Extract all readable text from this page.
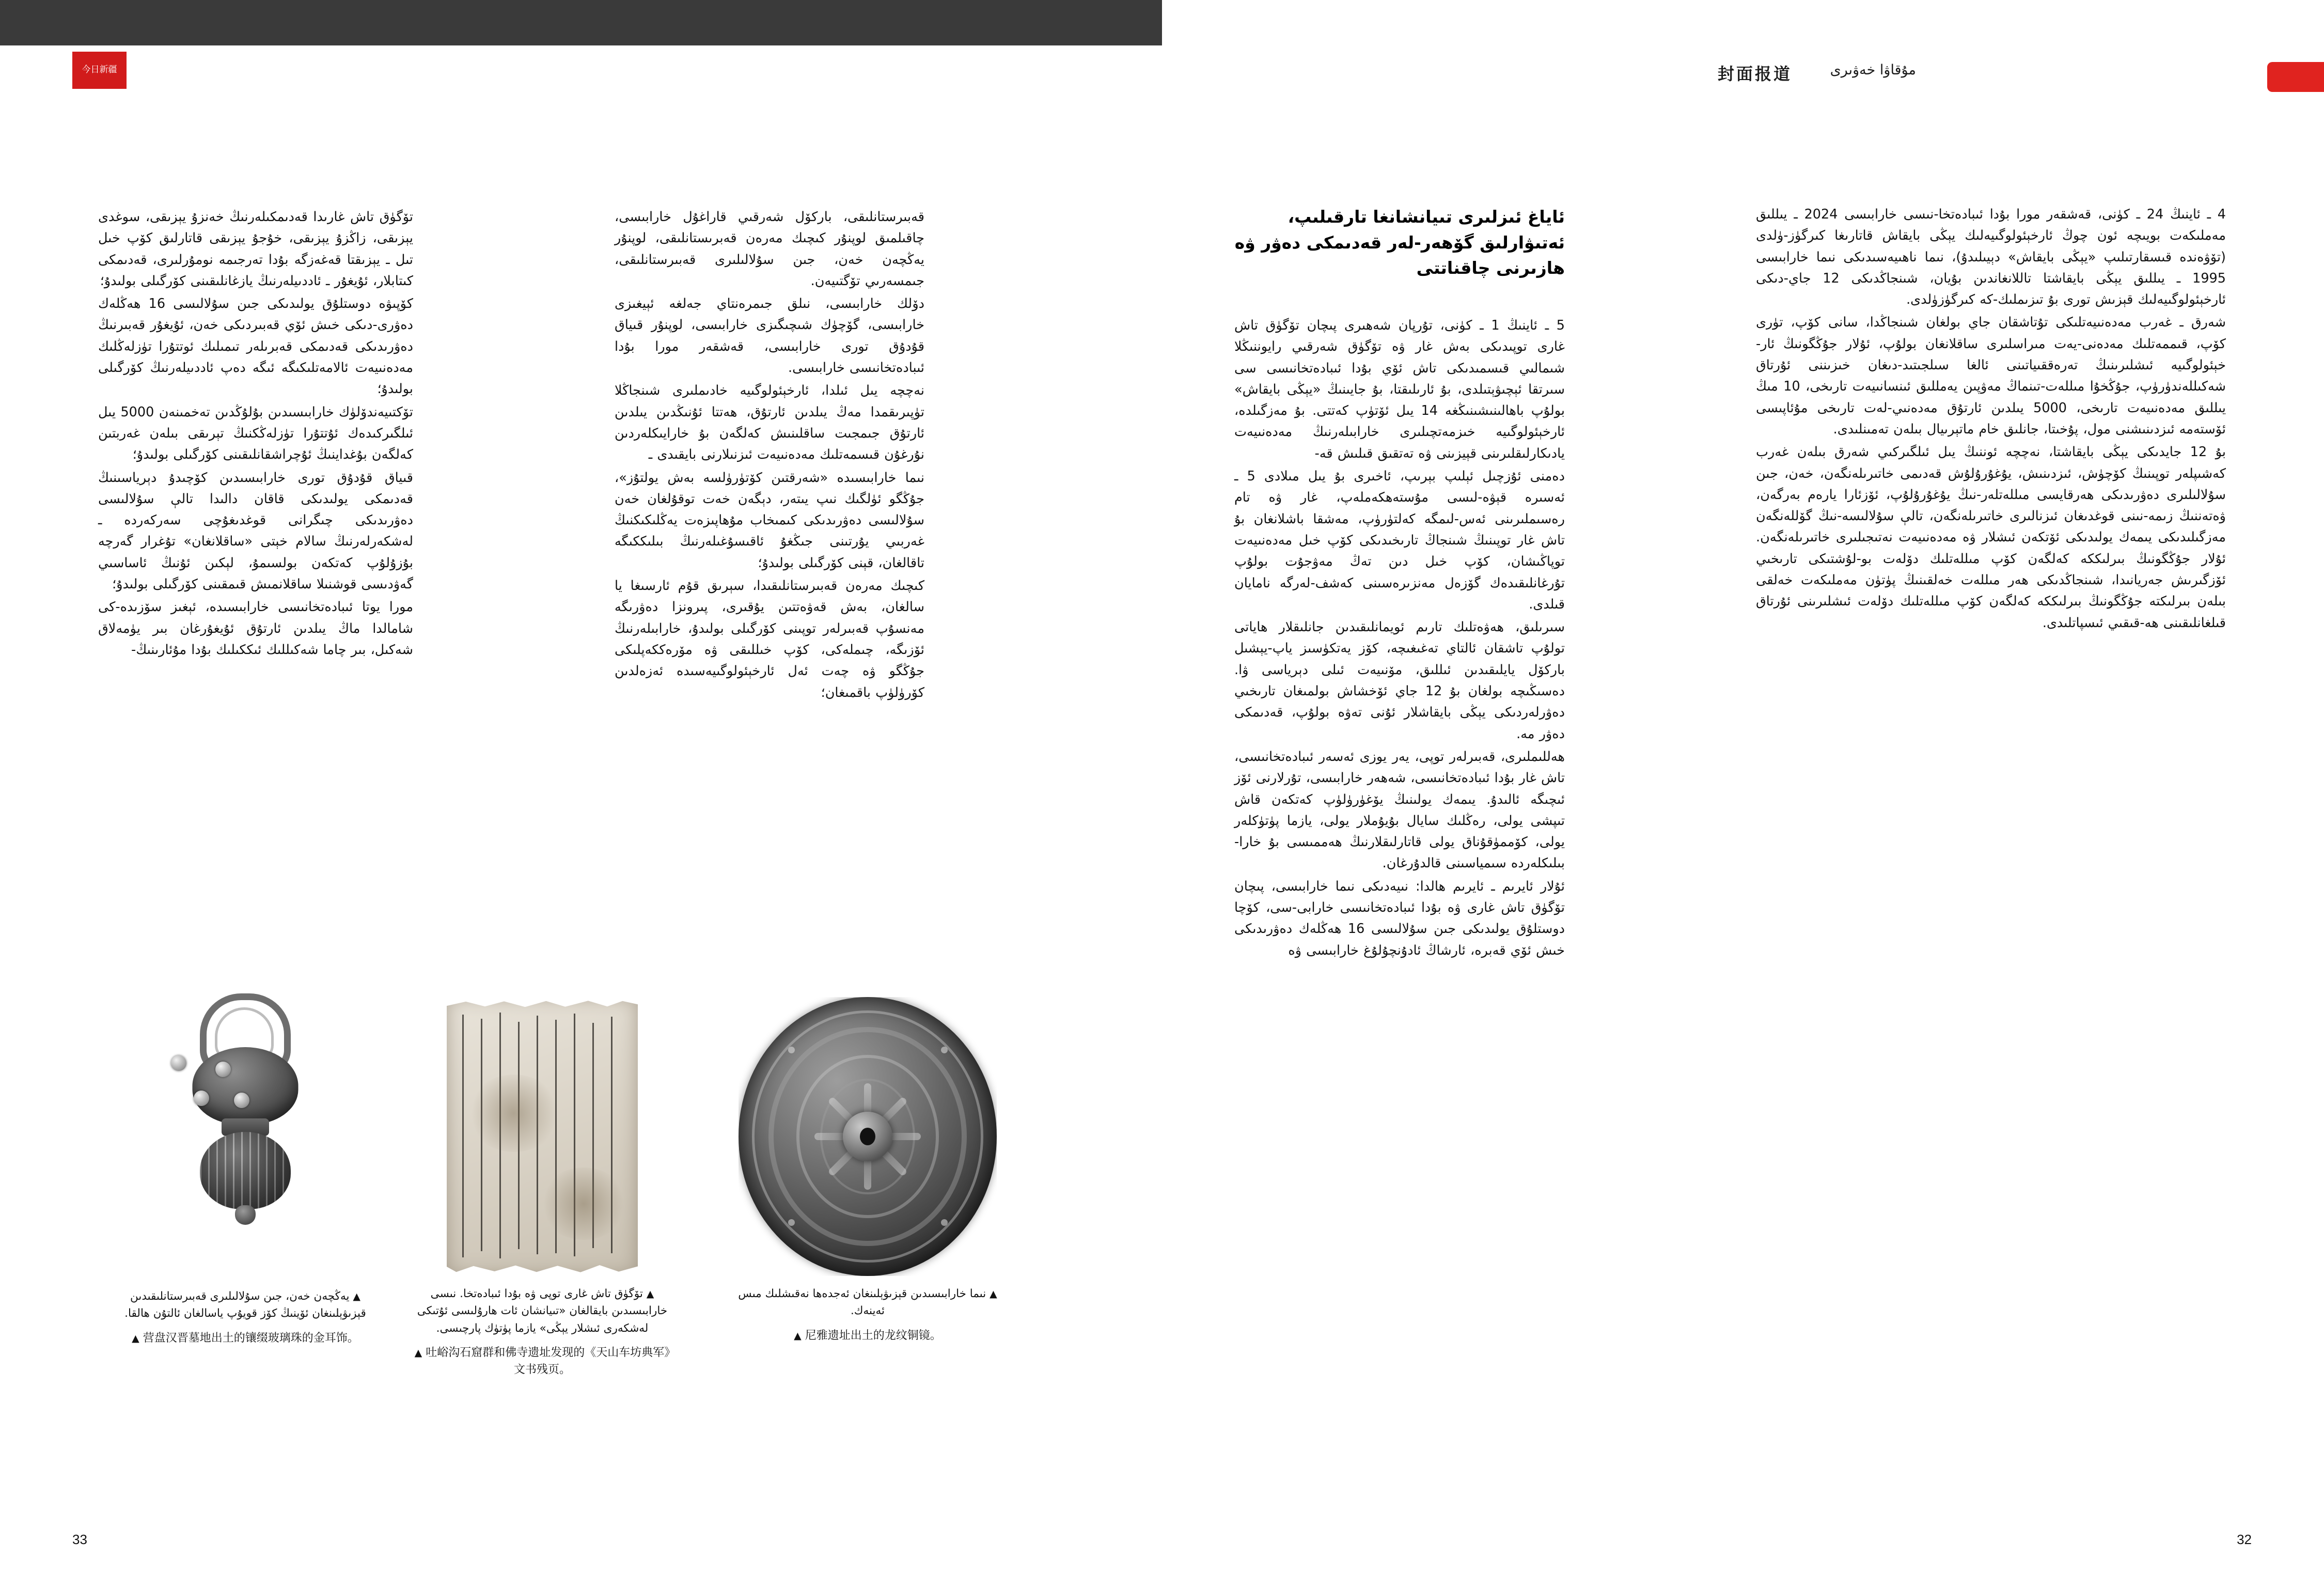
今日 新疆 封面报道	مۇقاۋا خەۋىرى
2025.07	封面报道	مۇقاۋا خەۋىرى

4 ـ ئاينىڭ 24 ـ كۈنى، قەشقەر مورا بۇدا ئىبادەتخا-نىسى خارابىسى 2024 ـ يىللىق مەملىكەت بويىچە ئون چوڭ ئارخېئولوگىيەلىك يېڭى بايقاش قاتارىغا كىرگۈز-ۈلدى (تۆۋەندە قىسقارتىلىپ «يېڭى بايقاش» دېيىلىدۇ)، نىما ناھىيەسىدىكى نىما خارابىسى 1995 ـ يىللىق يېڭى بايقاشتا تاللانغاندىن بۇيان، شىنجاڭدىكى 12 جاي-دىكى ئارخېئولوگىيەلىك قېزىش تورى بۇ تىزىملىك-كە كىرگۈزۈلدى.

شەرق ـ غەرب مەدەنىيەتلىكى تۇتاشقان جاي بولغان شىنجاڭدا، سانى كۆپ، تۈرى كۆپ، قىممەتلىك مەدەنى-يەت مىراسلىرى ساقلانغان بولۇپ، ئۇلار جۇڭگونىڭ ئار-خېئولوگىيە ئىشلىرىنىڭ تەرەققىياتىنى ئالغا سىلجىتىد-دىغان خىزىننى ئۇرتاق شەكىللەندۈرۈپ، جۇڭخۇا مىللەت-تىنماڭ مەۋپىن يەمللىق ئىنسانىيەت تارىخى، 10 مىڭ يىللىق مەدەنىيەت تارىخى، 5000 يىلدىن ئارتۇق مەدەنىي-لەت تارىخى مۇئاپىسى ئۆستەمە ئىزدىنىشنى مول، پۇخىتا، جانلىق خام ماتېرىيال بىلەن تەمىنلىدى.

بۇ 12 جايدىكى يېڭى بايقاشتا، نەچچە ئوننىڭ يىل ئىلگىركىي شەرق بىلەن غەرب كەشىپلەر توپىنىڭ كۆچۈش، ئىزدىنىش، يۇغۇرۇلۇش قەدىمى خاتىرىلەنگەن، خەن، جىن سۇلالىلىرى دەۋرىدىكى ھەرقايسى مىللەتلەر-نىڭ يۇغۇرۇلۇپ، ئۆزئارا يارەم بەرگەن، ۋەتەننىڭ زىمە-نىنى قوغدىغان ئىزنالىرى خاتىرىلەنگەن، تالې سۇلالىسە-نىڭ گۆللەنگەن مەزگىلىدىكى يىمەك يولىدىكى ئۆتكەن ئىشلار ۋە مەدەنىيەت نەتىجىلىرى خاتىرىلەنگەن. ئۇلار جۇڭگونىڭ بىرلىككە كەلگەن كۆپ مىللەتلىك دۆلەت بو-لۇشتىكى تارىخىي ئۆزگىرىش جەريانىدا، شىنجاڭدىكى ھەر مىللەت خەلقىنىڭ پۈتۈن مەملىكەت خەلقى بىلەن بىرلىكتە جۇڭگونىڭ بىرلىككە كەلگەن كۆپ مىللەتلىك دۆلەت ئىشلىرىنى ئۇرتاق قىلغانلىقىنى ھە-قىقىي ئىسپاتلىدى.

ئاياغ ئىزلىرى تىيانشانغا تارقىلىپ، ئەتىۋارلىق گۆھەر-لەر قەدىمكى دەۋر ۋە ھازىرنى چاقناتتى

5 ـ ئاينىڭ 1 ـ كۈنى، تۇرپان شەھىرى پىچان تۆگۈق تاش غارى توپىدىكى بەش غار ۋە تۆگۈق شەرقىي رايوننىڭلا شىمالىي قىسمىدىكى تاش ئۆي بۇدا ئىبادەتخانىسى سى سىرتقا ئېچىۋېتىلدى، بۇ ئارىلىقتا، بۇ جايىنىڭ «يېڭى بايقاش» بولۇپ باھالىنىشىنىڭغە 14 يىل ئۆتۈپ كەتتى. بۇ مەزگىلدە، ئارخېئولوگىيە خىزمەتچىلىرى خارابىلەرنىڭ مەدەنىيەت يادىكارلىقلىرىنى قېيزىنى ۋە تەتقىق قىلىش قە-

دەمنى ئۇزچىل ئېلىپ بېرىپ، ئاخىرى بۇ يىل مىلادى 5 ـ ئەسىرە قېۋە-لىسى مۇستەھكەملەپ، غار ۋە تام رەسىملىرىنى ئەس-لىمگە كەلتۈرۈپ، مەشقا باشلانغان بۇ تاش غار توپىنىڭ شىنجاڭ تارىخىدىكى كۆپ خىل مەدەنىيەت توپاڭىشان، كۆپ خىل دىن تەڭ مەۋجۇت بولۇپ تۇرغانلىقىدەك گۆزەل مەنزىرەسىنى كەشف-لەرگە نامايان قىلدى.

سىرىلىق، ھەۋەتلىك تارىم ئويمانلىقىدىن جانلىقلار ھاياتى تولۇپ تاشقان ئالتاي تەغىغىچە، كۆز يەتكۈسىز ياپ-يېشىل باركۆل يايلىقىدىن ئىللىق، مۆنىيەت ئىلى دېرياسى ۋا. دەسىڭىچە بولغان بۇ 12 جاي ئۆخشاش بولمىغان تارىخىي دەۋرلەردىكى يېڭى بايقاشلار ئۇنى تەۋە بولۇپ، قەدىمكى دەۋر مە.

ھەللىملىرى، قەبىرلەر توپى، يەر يوزى ئەسەر ئىبادەتخانىسى، تاش غار بۇدا ئىبادەتخانىسى، شەھەر خارابىسى، تۇرلارنى ئۆز ئىچىگە ئالىدۇ. يىمەك يولىنىڭ يۆغۈرۈلۈپ كەتكەن قاش تىپشى يولى، رەڭلىك سايال بۇيۇملار يولى، يازما پۈتۈكلەر يولى، كۆممۈقۇناق يولى قاتارلىقلارنىڭ ھەممىسى بۇ خارا-بىلىكلەردە سىمياسىنى قالدۇرغان.

ئۇلار ئايرىم ـ ئايرىم ھالدا: نىيەدىكى نىما خارابىسى، پىچان تۆگۈق تاش غارى ۋە بۇدا ئىبادەتخانىسى خارابى-سى، كۆچا دوستلۇق يولىدىكى جىن سۇلالىسى 16 ھەڭلەك دەۋرىدىكى خىش ئۆي قەبرە، ئارشاڭ ئادۇنچۇلۇغ خارابىسى ۋە

قەبىرستانلىقى، باركۆل شەرقىي قاراغۇل خارابىسى، چاقىلمىق لوپنۇر كىچىك مەرەن قەبرىستانلىقى، لوپنۇر يەڭچەن خەن، جىن سۇلالىلىرى قەبىرستانلىقى، جىمسەرىي تۆگتىيەن.

دۆلك خارابىسى، نىلق جىمرەنتاي جەلغە ئېيغىزى خارابىسى، گۆچۈك شىچىگىزى خارابىسى، لوپنۇر قىياق قۇدۇق تورى خارابىسى، قەشقەر مورا بۇدا ئىبادەتخانىسى خارابىسى.

نەچچە يىل ئىلدا، ئارخېئولوگىيە خادىملىرى شىنجاڭلا تۈپىرىقمدا مەڭ يىلدىن ئارتۇق، ھەتتا ئۇنىڭدىن يىلدىن ئارتۇق جىمجىت ساقلىنىش كەلگەن بۇ خارايىكلەردىن نۇرغۇن قىسمەتلىك مەدەنىيەت ئىزنىلارنى بايقىدى ـ

نىما خارابىسىدە «شەرقتىن كۆتۈرۈلسە بەش يولتۇز»، جۇڭگو ئۈلگىك نىپ يىتەر، دېگەن خەت توقۇلغان خەن سۇلالىسى دەۋرىدىكى كىمىخاب مۇھاپىزەت يەڭلىكىكنىڭ غەربىي يۇرتىنى جىڭغۇ ئاقىسۇغىلەرنىڭ بىلىككىگە تاقالغان، قېنى كۆرگىلى بولىدۇ؛

كىچىك مەرەن قەبىرستانلىقىدا، سېرىق قۇم ئارسىغا يا سالغان، بەش قەۋەتتىن يۇقىرى، پىرونزا دەۋرىگە مەنسۇپ قەبىرلەر توپىنى كۆرگىلى بولىدۇ، خارابىلەرنىڭ ئۆزىگە، چىملەكى، كۆپ خىللىقى ۋە مۆرەككەپلىكى جۇڭگو ۋە چەت ئەل ئارخېئولوگىيەسىدە ئەزەلدىن كۆرۈلۈپ باقمىغان؛

تۆگۈق تاش غارىدا قەدىمكىلەرنىڭ خەنزۇ يېزىقى، سوغدى يېزىقى، زاڭزۇ يېزىقى، خۇجۇ يېزىقى قاتارلىق كۆپ خىل تىل ـ يېزىقتا قەغەزگە بۇدا تەرجىمە نومۇرلىرى، قەدىمكى كىتابلار، ئۇيغۇر ـ ئاددىيلەرنىڭ يازغانلىقىنى كۆرگىلى بولىدۇ؛

كۆپىۋە دوستلۇق يولىدىكى جىن سۇلالىسى 16 ھەڭلەك دەۋرى-دىكى خىش ئۆي قەبىردىكى خەن، ئۇيغۇر قەبىرنىڭ دەۋرىدىكى قەدىمكى قەبرىلەر تىمىلىك ئوتتۇرا تۈزلەڭلىك مەدەنىيەت ئالامەتلىكىگە ئىگە دەپ ئاددىيلەرنىڭ كۆرگىلى بولىدۇ؛

تۆكتىيەندۆلۈك خارابىسىدىن بۇلۇڭدىن تەخمىنەن 5000 يىل ئىلگىركىدەك ئۇتتۇرا تۈزلەڭكنىڭ تېرىقى بىلەن غەربتىن كەلگەن بۇغداينىڭ ئۇچراشقانلىقىنى كۆرگىلى بولىدۇ؛

قىياق قۇدۇق تورى خارابىسىدىن كۆچىدۇ دېرياسىنىڭ قەدىمكى يولىدىكى قاقان دالىدا تالې سۇلالىسى دەۋرىدىكى چىگرانى قوغدىغۇچى سەركەردە ـ لەشكەرلەرنىڭ سالام خېتى «ساقلانغان» تۇغرار گەرچە بۇزۇلۇپ كەتكەن بولسىمۇ، لېكىن ئۇنىڭ ئاساسىي گەۋدىسى قوشنىلا ساقلانمىش قىمقىنى كۆرگىلى بولىدۇ؛

مورا يوتا ئىبادەتخانىسى خارابىسىدە، ئېغىز سۆزىدە-كى شامالدا ماڭ يىلدىن ئارتۇق ئۇيغۇرغان بىر يۈمەلاق شەكىل، بىر چاما شەكىللىك ئىككىلىك بۇدا مۇئارىنىڭ-

▲ يەڭچەن خەن، جىن سۇلالىلىرى قەبىرستانلىقىدىن قېزىۋېلىنغان ئۆينىڭ كۆز قويۇپ ياسالغان ئالتۇن ھالقا.
▲ 营盘汉晋墓地出土的镶缀玻璃珠的金耳饰。
▲ تۆگۈق تاش غارى توپى ۋە بۇدا ئىبادەتخا. نىسى خارابىسىدىن بايقالغان «تىيانشان ئات ھارۇلىسى ئۇتىكى لەشكەرى ئىشلار يېڭى» يازما پۈتۈك پارچىسى.
▲ 吐峪沟石窟群和佛寺遗址发现的《天山车坊典军》文书残页。
▲ نىما خارابىسىدىن قېزىۋېلىنغان ئەجدەھا نەقىشلىك مىس ئەينەك.
▲ 尼雅遗址出土的龙纹铜镜。
33	32
